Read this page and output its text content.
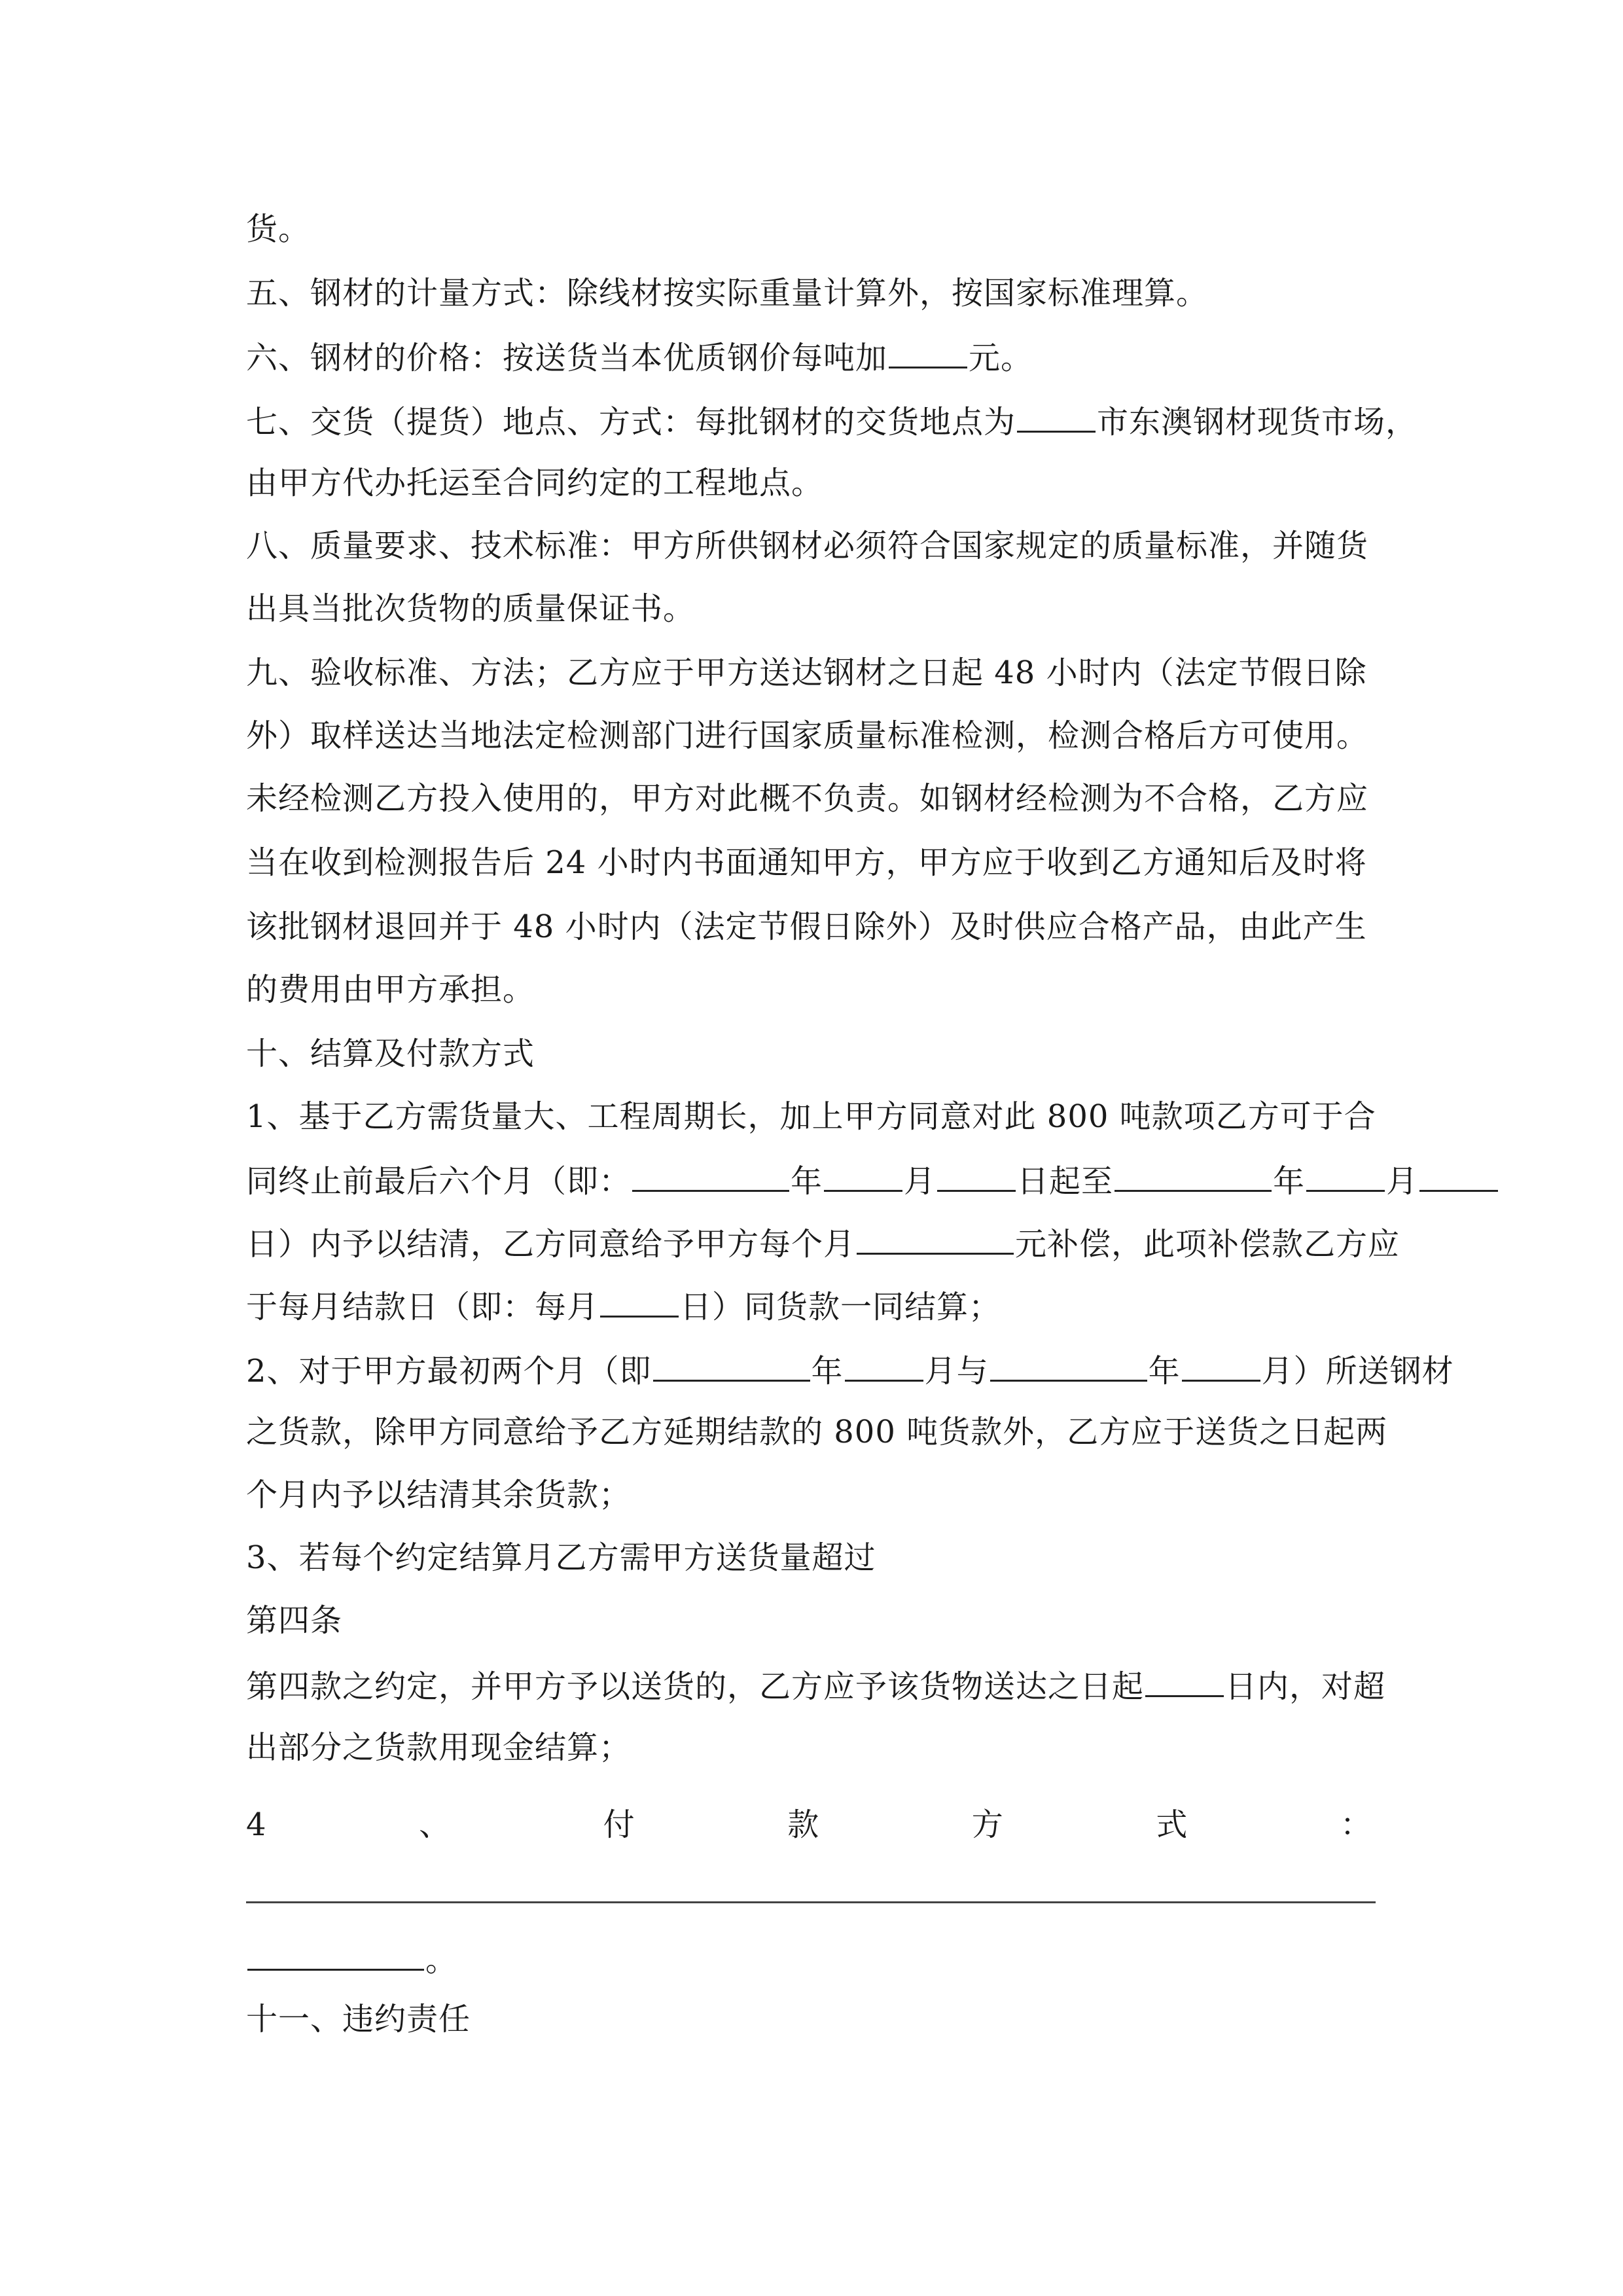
货。
五、钢材的计量方式：除线材按实际重量计算外，按国家标准理算。
六、钢材的价格：按送货当本优质钢价每吨加	元。
七、交货（提货）地点、方式：每批钢材的交货地点为	市东澳钢材现货市场，
由甲方代办托运至合同约定的工程地点。
八、质量要求、技术标准：甲方所供钢材必须符合国家规定的质量标准，并随货
出具当批次货物的质量保证书。
九、验收标准、方法；乙方应于甲方送达钢材之日起 48 小时内（法定节假日除
外）取样送达当地法定检测部门进行国家质量标准检测，检测合格后方可使用。
未经检测乙方投入使用的，甲方对此概不负责。如钢材经检测为不合格，乙方应
当在收到检测报告后 24 小时内书面通知甲方，甲方应于收到乙方通知后及时将
该批钢材退回并于 48 小时内（法定节假日除外）及时供应合格产品，由此产生
的费用由甲方承担。
十、结算及付款方式
1、基于乙方需货量大、工程周期长，加上甲方同意对此 800 吨款项乙方可于合
同终止前最后六个月（即：	年	月	日起至	年	月
日）内予以结清，乙方同意给予甲方每个月	元补偿，此项补偿款乙方应
于每月结款日（即：每月	日）同货款一同结算；
2、对于甲方最初两个月（即	年	月与	年	月）所送钢材
之货款，除甲方同意给予乙方延期结款的 800 吨货款外，乙方应于送货之日起两
个月内予以结清其余货款；
3、若每个约定结算月乙方需甲方送货量超过
第四条
第四款之约定，并甲方予以送货的，乙方应予该货物送达之日起	日内，对超
出部分之货款用现金结算；
4	、	付	款	方	式	：
。
十一、违约责任
